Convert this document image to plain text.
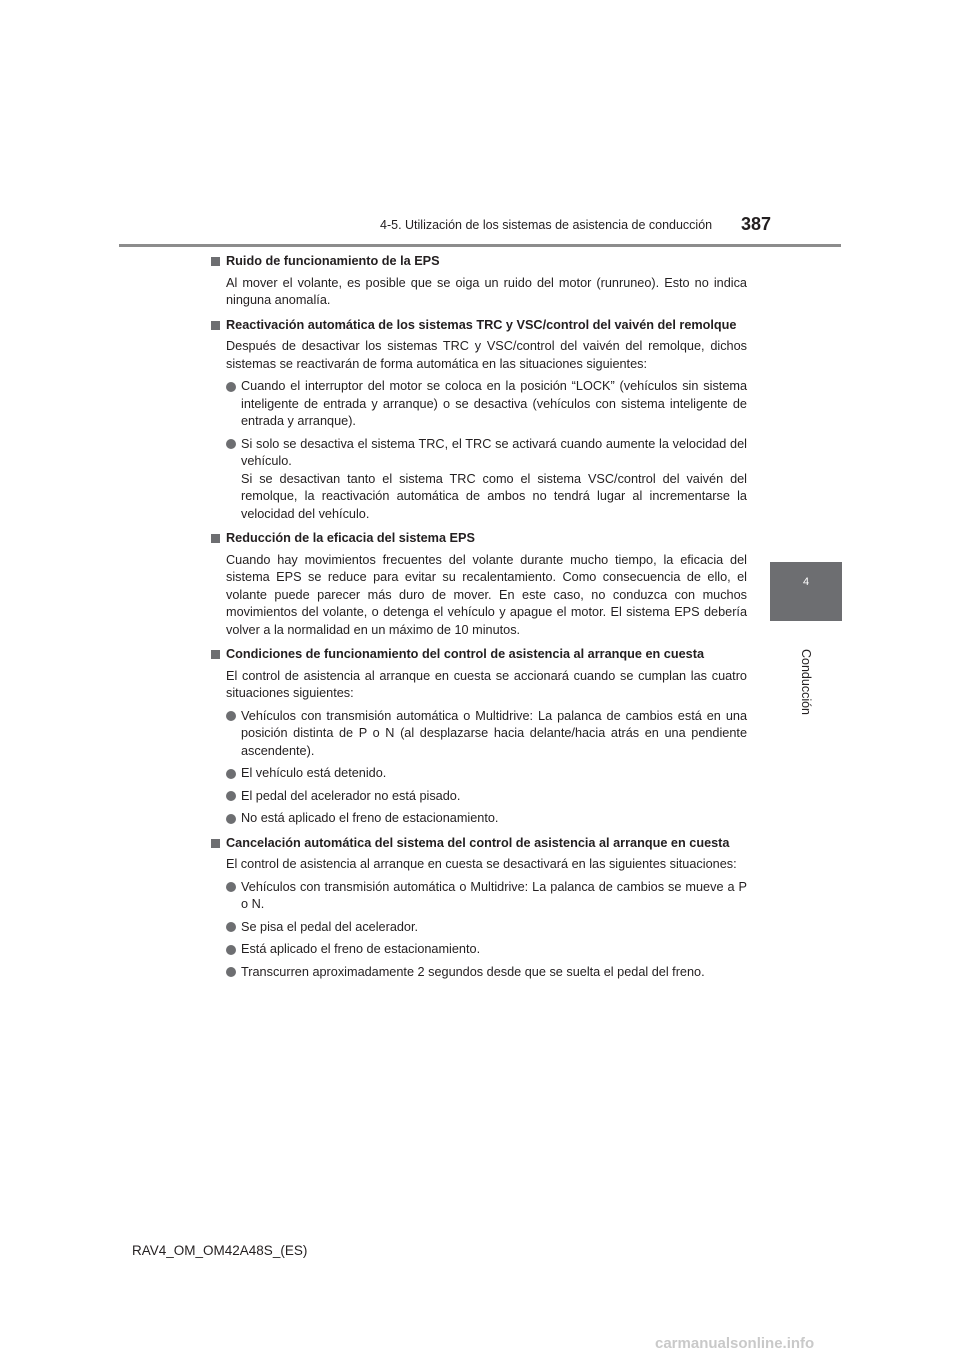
4-5. Utilización de los sistemas de asistencia de conducción 387
4
Conducción
Ruido de funcionamiento de la EPS
Al mover el volante, es posible que se oiga un ruido del motor (runruneo). Esto no indica ninguna anomalía.
Reactivación automática de los sistemas TRC y VSC/control del vaivén del remolque
Después de desactivar los sistemas TRC y VSC/control del vaivén del remolque, dichos sistemas se reactivarán de forma automática en las situaciones siguientes:
Cuando el interruptor del motor se coloca en la posición “LOCK” (vehículos sin sistema inteligente de entrada y arranque) o se desactiva (vehículos con sistema inteligente de entrada y arranque).
Si solo se desactiva el sistema TRC, el TRC se activará cuando aumente la velocidad del vehículo.
Si se desactivan tanto el sistema TRC como el sistema VSC/control del vaivén del remolque, la reactivación automática de ambos no tendrá lugar al incrementarse la velocidad del vehículo.
Reducción de la eficacia del sistema EPS
Cuando hay movimientos frecuentes del volante durante mucho tiempo, la eficacia del sistema EPS se reduce para evitar su recalentamiento. Como consecuencia de ello, el volante puede parecer más duro de mover. En este caso, no conduzca con muchos movimientos del volante, o detenga el vehículo y apague el motor. El sistema EPS debería volver a la normalidad en un máximo de 10 minutos.
Condiciones de funcionamiento del control de asistencia al arranque en cuesta
El control de asistencia al arranque en cuesta se accionará cuando se cumplan las cuatro situaciones siguientes:
Vehículos con transmisión automática o Multidrive: La palanca de cambios está en una posición distinta de P o N (al desplazarse hacia delante/hacia atrás en una pendiente ascendente).
El vehículo está detenido.
El pedal del acelerador no está pisado.
No está aplicado el freno de estacionamiento.
Cancelación automática del sistema del control de asistencia al arranque en cuesta
El control de asistencia al arranque en cuesta se desactivará en las siguientes situaciones:
Vehículos con transmisión automática o Multidrive: La palanca de cambios se mueve a P o N.
Se pisa el pedal del acelerador.
Está aplicado el freno de estacionamiento.
Transcurren aproximadamente 2 segundos desde que se suelta el pedal del freno.
RAV4_OM_OM42A48S_(ES)
carmanualsonline.info
